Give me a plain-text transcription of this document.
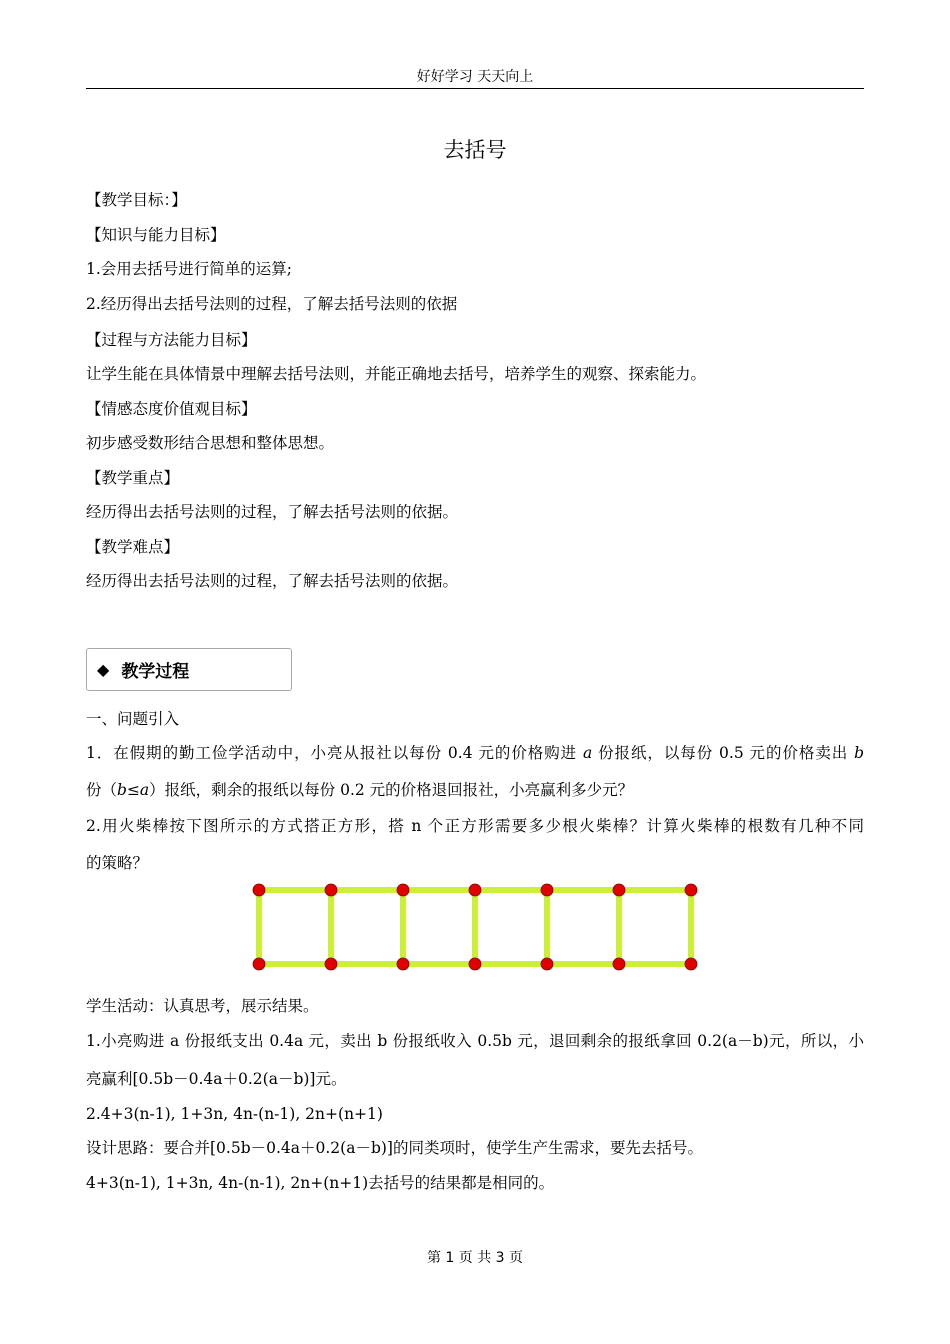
好好学习 天天向上
去括号
【教学目标：】
【知识与能力目标】
1.会用去括号进行简单的运算;
2.经历得出去括号法则的过程，了解去括号法则的依据
【过程与方法能力目标】
让学生能在具体情景中理解去括号法则，并能正确地去括号，培养学生的观察、探索能力。
【情感态度价值观目标】
初步感受数形结合思想和整体思想。
【教学重点】
经历得出去括号法则的过程，了解去括号法则的依据。
【教学难点】
经历得出去括号法则的过程，了解去括号法则的依据。
◆ 教学过程
一、问题引入
1．在假期的勤工俭学活动中，小亮从报社以每份 0.4 元的价格购进 a 份报纸，以每份 0.5 元的价格卖出 b
份（b≤a）报纸，剩余的报纸以每份 0.2 元的价格退回报社，小亮赢利多少元？
2.用火柴棒按下图所示的方式搭正方形，搭 n 个正方形需要多少根火柴棒？计算火柴棒的根数有几种不同
的策略？
学生活动：认真思考，展示结果。
1.小亮购进 a 份报纸支出 0.4a 元，卖出 b 份报纸收入 0.5b 元，退回剩余的报纸拿回 0.2(a－b)元，所以，小
亮赢利[0.5b－0.4a＋0.2(a－b)]元。
2.4+3(n-1), 1+3n, 4n-(n-1), 2n+(n+1)
设计思路：要合并[0.5b－0.4a＋0.2(a－b)]的同类项时，使学生产生需求，要先去括号。
4+3(n-1), 1+3n, 4n-(n-1), 2n+(n+1)去括号的结果都是相同的。
第 1 页 共 3 页
